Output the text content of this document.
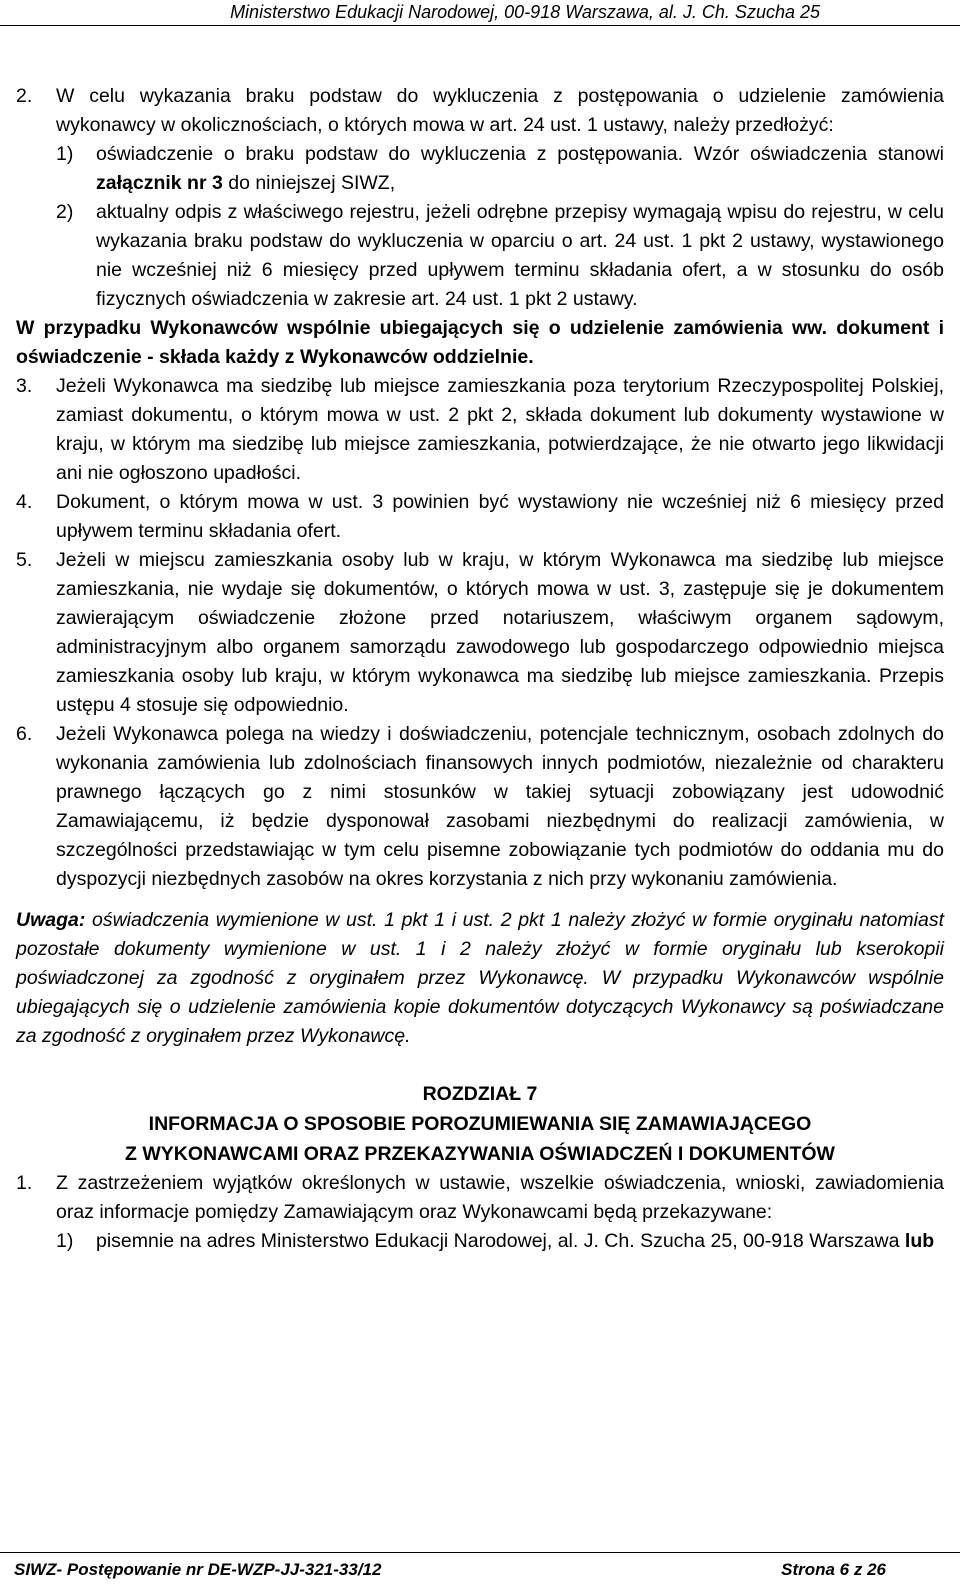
Ministerstwo Edukacji Narodowej, 00-918 Warszawa, al. J. Ch. Szucha 25
2.	W celu wykazania braku podstaw do wykluczenia z postępowania o udzielenie zamówienia wykonawcy w okolicznościach, o których mowa w art. 24 ust. 1 ustawy, należy przedłożyć:
1)	oświadczenie o braku podstaw do wykluczenia z postępowania. Wzór oświadczenia stanowi załącznik nr 3 do niniejszej SIWZ,
2)	aktualny odpis z właściwego rejestru, jeżeli odrębne przepisy wymagają wpisu do rejestru, w celu wykazania braku podstaw do wykluczenia w oparciu o art. 24 ust. 1 pkt 2 ustawy, wystawionego nie wcześniej niż 6 miesięcy przed upływem terminu składania ofert, a w stosunku do osób fizycznych oświadczenia w zakresie art. 24 ust. 1 pkt 2 ustawy.

W przypadku Wykonawców wspólnie ubiegających się o udzielenie zamówienia ww. dokument i oświadczenie - składa każdy z Wykonawców oddzielnie.

3.	Jeżeli Wykonawca ma siedzibę lub miejsce zamieszkania poza terytorium Rzeczypospolitej Polskiej, zamiast dokumentu, o którym mowa w ust. 2 pkt 2, składa dokument lub dokumenty wystawione w kraju, w którym ma siedzibę lub miejsce zamieszkania, potwierdzające, że nie otwarto jego likwidacji ani nie ogłoszono upadłości.
4.	Dokument, o którym mowa w ust. 3 powinien być wystawiony nie wcześniej niż 6 miesięcy przed upływem terminu składania ofert.
5.	Jeżeli w miejscu zamieszkania osoby lub w kraju, w którym Wykonawca ma siedzibę lub miejsce zamieszkania, nie wydaje się dokumentów, o których mowa w ust. 3, zastępuje się je dokumentem zawierającym oświadczenie złożone przed notariuszem, właściwym organem sądowym, administracyjnym albo organem samorządu zawodowego lub gospodarczego odpowiednio miejsca zamieszkania osoby lub kraju, w którym wykonawca ma siedzibę lub miejsce zamieszkania. Przepis ustępu 4 stosuje się odpowiednio.
6.	Jeżeli Wykonawca polega na wiedzy i doświadczeniu, potencjale technicznym, osobach zdolnych do wykonania zamówienia lub zdolnościach finansowych innych podmiotów, niezależnie od charakteru prawnego łączących go z nimi stosunków w takiej sytuacji zobowiązany jest udowodnić Zamawiającemu, iż będzie dysponował zasobami niezbędnymi do realizacji zamówienia, w szczególności przedstawiając w tym celu pisemne zobowiązanie tych podmiotów do oddania mu do dyspozycji niezbędnych zasobów na okres korzystania z nich przy wykonaniu zamówienia.

Uwaga: oświadczenia wymienione w ust. 1 pkt 1 i ust. 2 pkt 1 należy złożyć w formie oryginału natomiast pozostałe dokumenty wymienione w ust. 1 i 2 należy złożyć w formie oryginału lub kserokopii poświadczonej za zgodność z oryginałem przez Wykonawcę. W przypadku Wykonawców wspólnie ubiegających się o udzielenie zamówienia kopie dokumentów dotyczących Wykonawcy są poświadczane za zgodność z oryginałem przez Wykonawcę.

ROZDZIAŁ 7
INFORMACJA O SPOSOBIE POROZUMIEWANIA SIĘ ZAMAWIAJĄCEGO
Z WYKONAWCAMI ORAZ PRZEKAZYWANIA OŚWIADCZEŃ I DOKUMENTÓW
1.	Z zastrzeżeniem wyjątków określonych w ustawie, wszelkie oświadczenia, wnioski, zawiadomienia oraz informacje pomiędzy Zamawiającym oraz Wykonawcami będą przekazywane:
1)	pisemnie na adres Ministerstwo Edukacji Narodowej, al. J. Ch. Szucha 25, 00-918 Warszawa lub
SIWZ- Postępowanie nr DE-WZP-JJ-321-33/12	Strona 6 z 26
